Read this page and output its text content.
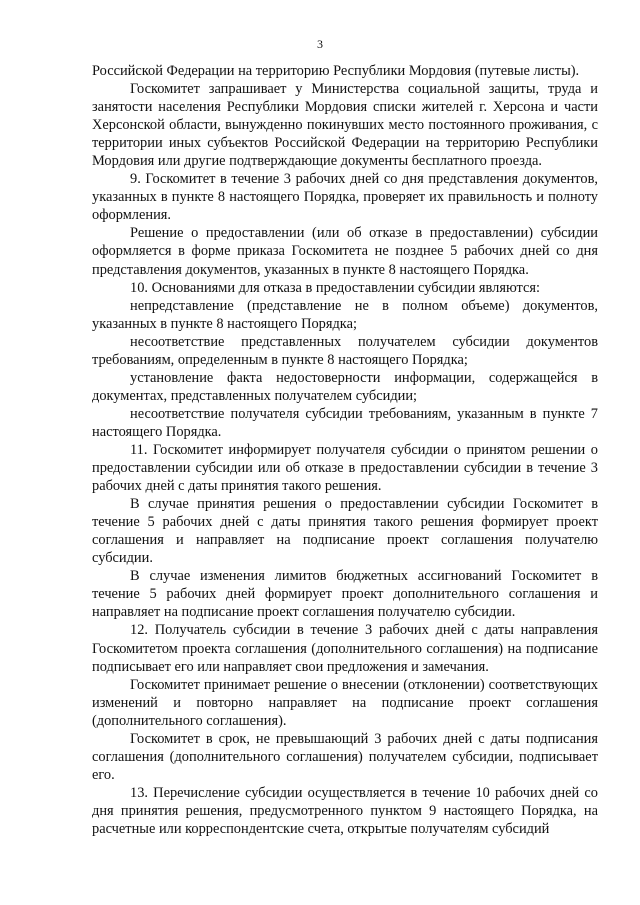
3

Российской Федерации на территорию Республики Мордовия (путевые листы).

Госкомитет запрашивает у Министерства социальной защиты, труда и занятости населения Республики Мордовия списки жителей г. Херсона и части Херсонской области, вынужденно покинувших место постоянного проживания, с территории иных субъектов Российской Федерации на территорию Республики Мордовия или другие подтверждающие документы бесплатного проезда.

9. Госкомитет в течение 3 рабочих дней со дня представления документов, указанных в пункте 8 настоящего Порядка, проверяет их правильность и полноту оформления.

Решение о предоставлении (или об отказе в предоставлении) субсидии оформляется в форме приказа Госкомитета не позднее 5 рабочих дней со дня представления документов, указанных в пункте 8 настоящего Порядка.

10. Основаниями для отказа в предоставлении субсидии являются:

непредставление (представление не в полном объеме) документов, указанных в пункте 8 настоящего Порядка;

несоответствие представленных получателем субсидии документов требованиям, определенным в пункте 8 настоящего Порядка;

установление факта недостоверности информации, содержащейся в документах, представленных получателем субсидии;

несоответствие получателя субсидии требованиям, указанным в пункте 7 настоящего Порядка.

11. Госкомитет информирует получателя субсидии о принятом решении о предоставлении субсидии или об отказе в предоставлении субсидии в течение 3 рабочих дней с даты принятия такого решения.

В случае принятия решения о предоставлении субсидии Госкомитет в течение 5 рабочих дней с даты принятия такого решения формирует проект соглашения и направляет на подписание проект соглашения получателю субсидии.

В случае изменения лимитов бюджетных ассигнований Госкомитет в течение 5 рабочих дней формирует проект дополнительного соглашения и направляет на подписание проект соглашения получателю субсидии.

12. Получатель субсидии в течение 3 рабочих дней с даты направления Госкомитетом проекта соглашения (дополнительного соглашения) на подписание подписывает его или направляет свои предложения и замечания.

Госкомитет принимает решение о внесении (отклонении) соответствующих изменений и повторно направляет на подписание проект соглашения (дополнительного соглашения).

Госкомитет в срок, не превышающий 3 рабочих дней с даты подписания соглашения (дополнительного соглашения) получателем субсидии, подписывает его.

13. Перечисление субсидии осуществляется в течение 10 рабочих дней со дня принятия решения, предусмотренного пунктом 9 настоящего Порядка, на расчетные или корреспондентские счета, открытые получателям субсидий
